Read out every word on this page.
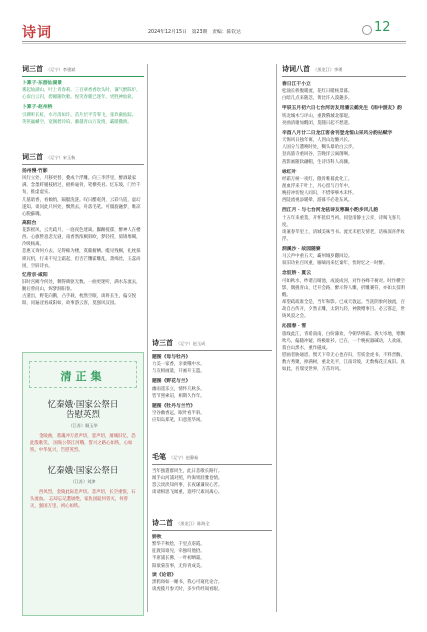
诗词	2024年12月15日　第23期　责编：陈钦达	12
词三首 （辽宁）李建斌
卜算子·东游仙湖景
雾起仙湖山，叶上青春莉。三百翠香香坎头时，谦气醉陈炉。
心似白云归，碧睡随吹歌。悦笑春暖已逐年，更胜神仙轨。
卜算子·赵州桥
引渊听长虹，水月清如许。苗片层平雪零飞，张玖截仙踪。
英侠赢嵊空，宽阁碧玲珀。藤越青山万发情，霸暖撒鸥。
词三首 （辽宁）宋玉秋
扬州慢·竹影
风行立处，月移更替，叠成个浮雕。向三李浮里，醉酒最家满。念墨纤履枝梧过，板桥毫骨，笔横英君。忆东坡，门竹千旬，推虚虚实。
几墓暗香，看倾悄，隔艇洗涟。叹日醋奄剑，云彩马旌，虚幻遂知。谈问此只何处，飘然去，舟落毛笔。可僵旋融梦，唯凉心脱蘇魄。
高阳台
花影摇风，云光疏月，一庭夜色迷离。踟蹰搅郁，醉神人在楼西。心旗暂意悲无谜，南香然浓桐斜欧，梦轻捞，骑锦堆噶，冷吸杨离。
悲惠又询何方去，记得痴为楼，寞葡俯栖。缆见残桐，礼枕探锁瓦机，行来不见尘霜起，但否芒馕霍雕乱，萧绵丝，玉蕊尚困，空辟诗衣。
忆帝京·咸阳
旧时宫阙今何处，剩得碑驱无数。一曲更迷听，满水东流去，勤后曾问山，烬梦洞阳春。
古遗出，野花向鹅，凸手载，枕然空眠，谈将长生，偏交悦阳，问遍淫看咸阳如，故事游云客，莫强风汉园。
清正集
忆秦娥·国家公祭日
告慰英烈
（江苏）顾玉华
金陵曲，蒸魂冲万恩声切，恶声切，屠城旧忆，恐此殷歌笑。 国殇公祭江河哦，誓兴之路心如铁，心如铁。中华复兴，告慰英烈。
忆秦娥·国家公祭日
（江苏）刘津
西风烈，金陵此际悲声切。悲声切，长空重恨，石头流血。 忘却忘记遭屠绝，家仇国耻何曾灭，何曾灭，强国万里，初心如铁。
诗三首 （辽宁）赵玉成
题图《母与牡丹》
力美一家香，亲柔哦中水。
与友相画量，开画开玉篮。
题图《野花与兰》
幽雨遥乐立，情怀几秋多。
皆节照索诏，相期久作年。
题图《牡丹与兰竹》
空谷幽香远，眠叶看半斜。
应知岛郑笔，归意莲华闲。
毛笔 （辽宁）赵静茹
当年独遣群同生，此日悲歌长路行。
闻手山河浦对照，吟淘果涯雅卷情。
怨云淡淡知何事，长夜谦谦说心苦。
谈请相思飞闻重，追呼尺素问离心。
诗二首 （黑龙江）陈海全
娇秋
繁华千秋绘，千里点虐霞。
征渡知谁见，牵独叹他拾。
半席浦长佛，一叶初晒霜。
阳欲菊苗事，无你青成美。
读《论语》
黑鸦斑如一睡书，我心可窥化论合。
谈虎揽月参天时，多少传经谒看眼。
诗词八首 （黑龙江）李勇
春日江干小立
松涌长桥腹暖流，花红日暖杨景暮。
白暗几点来随忽，黄比许入漠趣多。
甲辰五月初六日七台河访友用潘云鹤先生《雨中游友》韵
铁北城木与评山，重教俄城北郁琨。
亮曲清谢加醒闭，莫随日起不愁遗。
辛酉八月廿二日龙江客舍刊登龙恒山采风分韵拈赋字
天惕风日独年寓，人到山边懒兴长。
人国分与遭唤时处，糊头暴哈白云步。
登高旅寺重回谷，笠晚洋云闹菌啊。
茜影画随软翩帽，生诗诗科人高骤。
咏红叶
经霜万树一夜红，傲骨唯暮此化工。
渥血浮来千叶上，丹心留与百年中。
晚持冲切悦人同识，不惜零够木未怀。
西陡流视添暖晕，游暮不必赴东风。
西江月 · 与七台河龙铉诗友寒聚小酌步风儿韵
十五年来重莫，开怀犹似当初。同登清静主云赤，诗喝飞客几度。
谈兼春莘里上，清城美味当书。流光未把友情老，话核深宵伴妆浮。
洞溪沙 · 故园随寮
马云声中重五天，霸州城岁翻回边。
叙旧功业百风重，雁嘀再来忆秦年，忧时忆之一时醉。
念奴娇 · 夏云
可如秋水，纱诸点晴池，成波成河，对作谷峰千树对。时作横空影，偶挑青山，迁开会路，醉示得人雕，折雕赛符，亦如太技明醒。
却望疏疏谁全是，当年和影。已成天敦远。当洗阴象何独流，百劫自古传开，夕然正雕，太阴九轻，神教赠事目。必云寡走，世铸风驳之会。
沁园春 · 雪
旅线此江，青希南南，白纷濛欢，今朝华桥霜。袭大岑地，寒飘吹鸟，偏随冲疑，终极谁衫。已在，一个晚祝器碱动，人欢闹，翡白山黑水，重作磁成。
慰画者胁通恩，惯天下草无心也存归，雪妖金虎书，不料晋酶，数方秀聚，掉满树，重北先平，江南诗坡，无数梅花正成旧。真如此，名瑞受世界，万苗玲风。
